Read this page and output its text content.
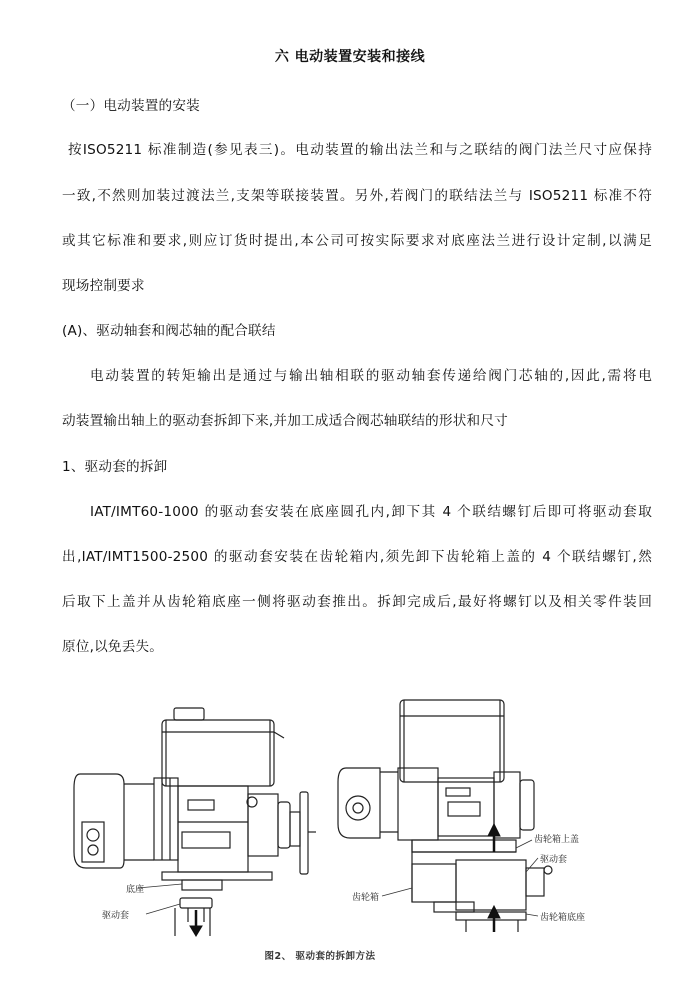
六 电动装置安装和接线
（一）电动装置的安装
按ISO5211 标准制造(参见表三)。电动装置的输出法兰和与之联结的阀门法兰尺寸应保持
一致,不然则加装过渡法兰,支架等联接装置。另外,若阀门的联结法兰与 ISO5211 标准不符
或其它标准和要求,则应订货时提出,本公司可按实际要求对底座法兰进行设计定制,以满足
现场控制要求
(A)、驱动轴套和阀芯轴的配合联结
电动装置的转矩输出是通过与输出轴相联的驱动轴套传递给阀门芯轴的,因此,需将电
动装置输出轴上的驱动套拆卸下来,并加工成适合阀芯轴联结的形状和尺寸
1、驱动套的拆卸
IAT/IMT60-1000 的驱动套安装在底座圆孔内,卸下其 4 个联结螺钉后即可将驱动套取
出,IAT/IMT1500-2500 的驱动套安装在齿轮箱内,须先卸下齿轮箱上盖的 4 个联结螺钉,然
后取下上盖并从齿轮箱底座一侧将驱动套推出。拆卸完成后,最好将螺钉以及相关零件装回
原位,以免丢失。
底座
驱动套
齿轮箱上盖
驱动套
齿轮箱
齿轮箱底座
图2、 驱动套的拆卸方法
